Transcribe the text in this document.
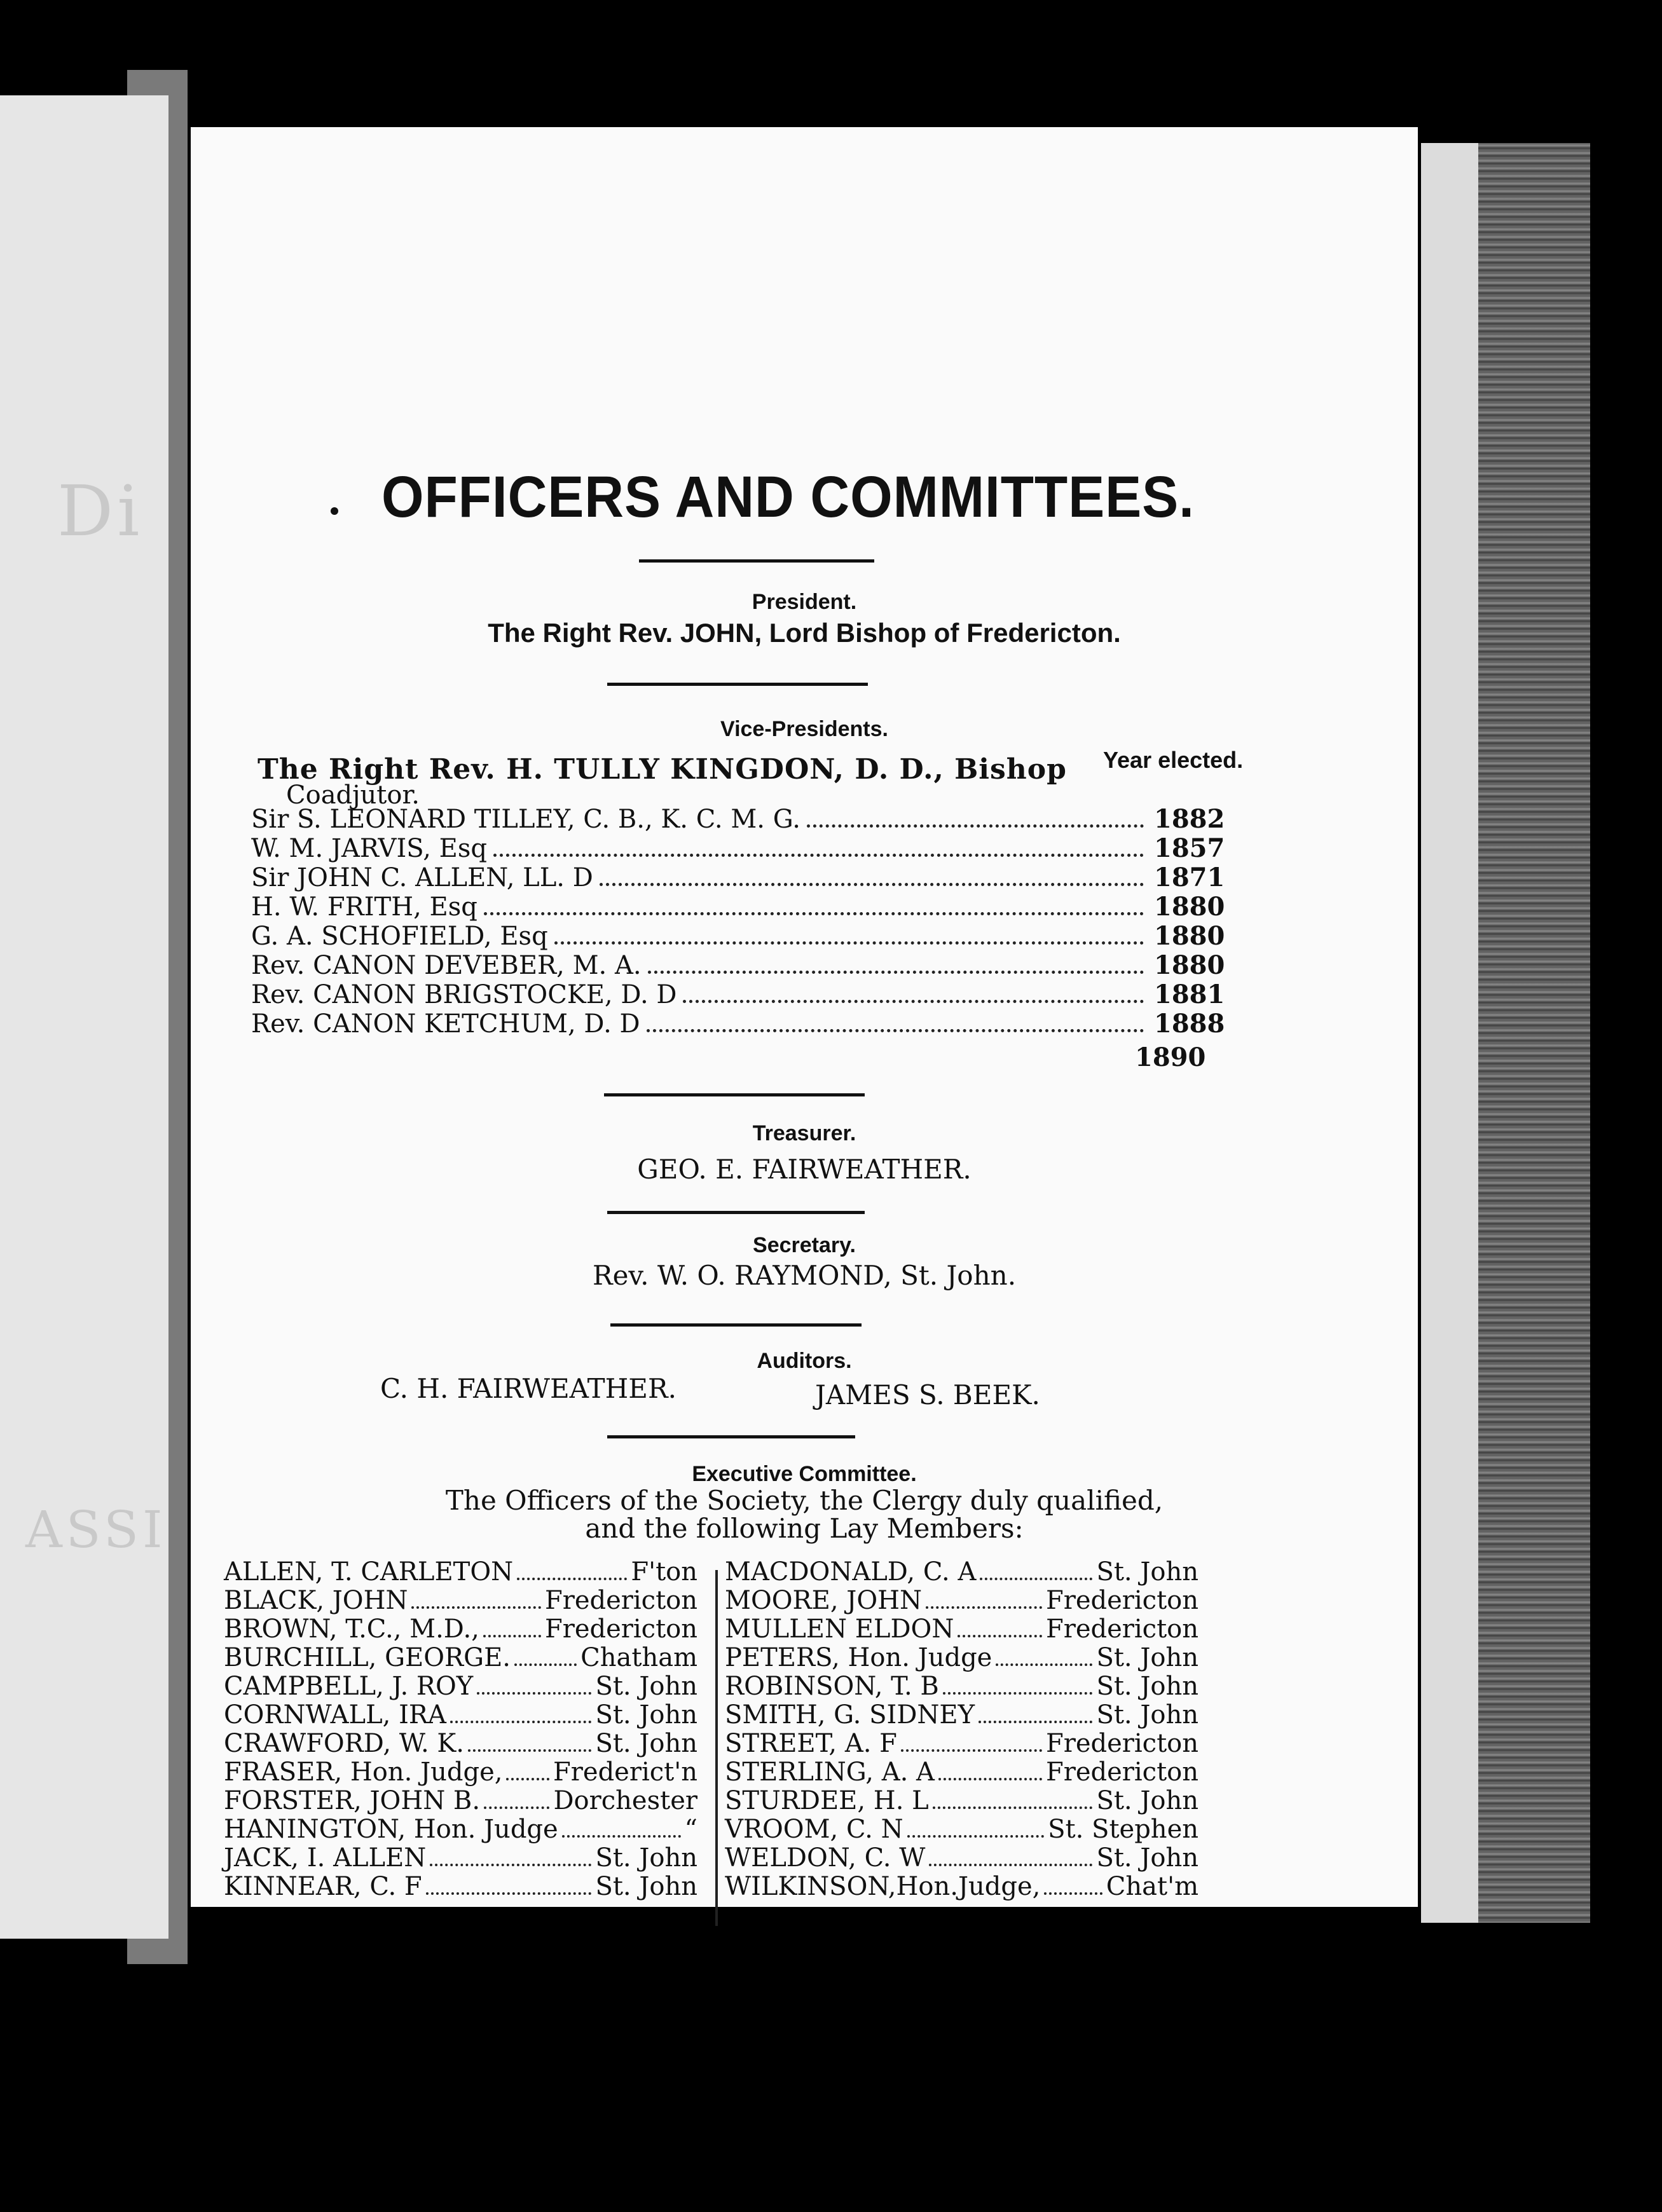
Di
ASSI
OFFICERS AND COMMITTEES.
President.
The Right Rev. JOHN, Lord Bishop of Fredericton.
Vice-Presidents.
Year elected.
The Right Rev. H. TULLY KINGDON, D. D., Bishop
Coadjutor.
Sir S. LEONARD TILLEY, C. B., K. C. M. G.	1882
W. M. JARVIS, Esq	1857
Sir JOHN C. ALLEN, LL. D	1871
H. W. FRITH, Esq	1880
G. A. SCHOFIELD, Esq	1880
Rev. CANON DEVEBER, M. A.	1880
Rev. CANON BRIGSTOCKE, D. D	1881
Rev. CANON KETCHUM, D. D	1888
1890
Treasurer.
GEO. E. FAIRWEATHER.
Secretary.
Rev. W. O. RAYMOND, St. John.
Auditors.
C. H. FAIRWEATHER.	JAMES S. BEEK.
Executive Committee.
The Officers of the Society, the Clergy duly qualified,
and the following Lay Members:
ALLEN, T. CARLETON	F'ton
BLACK, JOHN	Fredericton
BROWN, T.C., M.D.,	Fredericton
BURCHILL, GEORGE.	Chatham
CAMPBELL, J. ROY	St. John
CORNWALL, IRA	St. John
CRAWFORD, W. K.	St. John
FRASER, Hon. Judge, Frederict'n
FORSTER, JOHN B.	Dorchester
HANINGTON, Hon. Judge	“
JACK, I. ALLEN	St. John
KINNEAR, C. F	St. John
MACDONALD, C. A	St. John
MOORE, JOHN	Fredericton
MULLEN ELDON	Fredericton
PETERS, Hon. Judge	St. John
ROBINSON, T. B	St. John
SMITH, G. SIDNEY	St. John
STREET, A. F	Fredericton
STERLING, A. A	Fredericton
STURDEE, H. L	St. John
VROOM, C. N	St. Stephen
WELDON, C. W	St. John
WILKINSON,Hon.Judge,	Chat'm
